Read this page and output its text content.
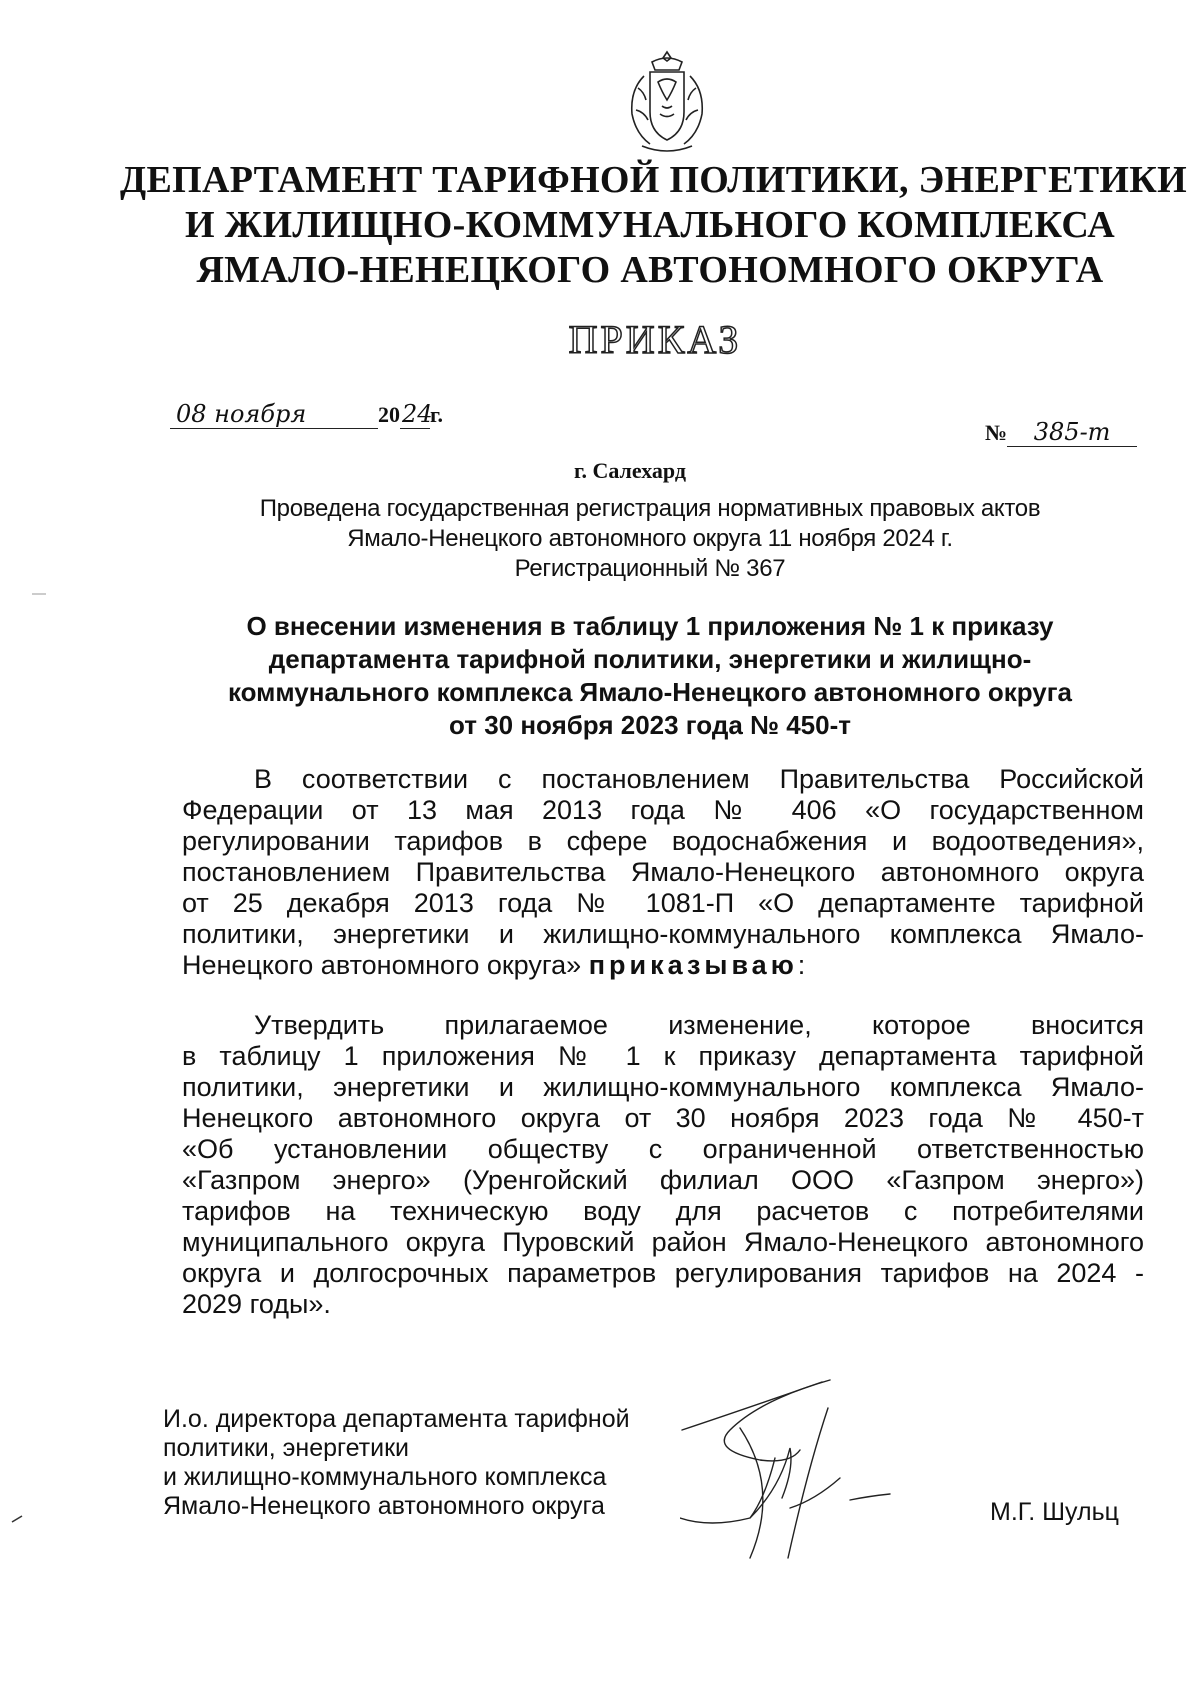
ДЕПАРТАМЕНТ ТАРИФНОЙ ПОЛИТИКИ, ЭНЕРГЕТИКИ
И ЖИЛИЩНО-КОММУНАЛЬНОГО КОМПЛЕКСА
ЯМАЛО-НЕНЕЦКОГО АВТОНОМНОГО ОКРУГА
ПРИКАЗ
08 ноября	2024г.
№ 385-т
г. Салехард
Проведена государственная регистрация нормативных правовых актов
Ямало-Ненецкого автономного округа 11 ноября 2024 г.
Регистрационный № 367
О внесении изменения в таблицу 1 приложения № 1 к приказу
департамента тарифной политики, энергетики и жилищно-
коммунального комплекса Ямало-Ненецкого автономного округа
от 30 ноября 2023 года № 450-т
В соответствии с постановлением Правительства Российской
Федерации от 13 мая 2013 года № 406 «О государственном
регулировании тарифов в сфере водоснабжения и водоотведения»,
постановлением Правительства Ямало-Ненецкого автономного округа
от 25 декабря 2013 года № 1081-П «О департаменте тарифной
политики, энергетики и жилищно-коммунального комплекса Ямало-
Ненецкого автономного округа» приказываю:
Утвердить прилагаемое изменение, которое вносится
в таблицу 1 приложения № 1 к приказу департамента тарифной
политики, энергетики и жилищно-коммунального комплекса Ямало-
Ненецкого автономного округа от 30 ноября 2023 года № 450-т
«Об установлении обществу с ограниченной ответственностью
«Газпром энерго» (Уренгойский филиал ООО «Газпром энерго»)
тарифов на техническую воду для расчетов с потребителями
муниципального округа Пуровский район Ямало-Ненецкого автономного
округа и долгосрочных параметров регулирования тарифов на 2024 -
2029 годы».
И.о. директора департамента тарифной
политики, энергетики
и жилищно-коммунального комплекса
Ямало-Ненецкого автономного округа	М.Г. Шульц
